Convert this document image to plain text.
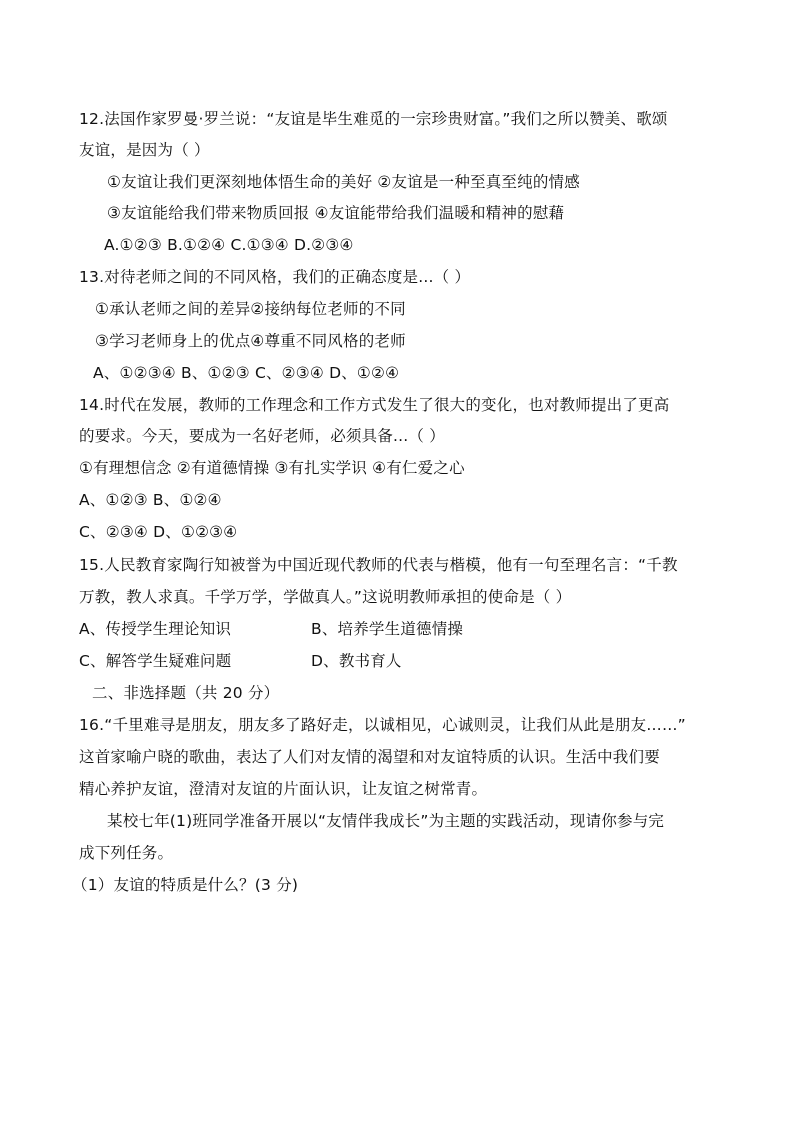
12.法国作家罗曼·罗兰说：“友谊是毕生难觅的一宗珍贵财富。”我们之所以赞美、歌颂
友谊，是因为（ ）
①友谊让我们更深刻地体悟生命的美好 ②友谊是一种至真至纯的情感
③友谊能给我们带来物质回报 ④友谊能带给我们温暖和精神的慰藉
A.①②③ B.①②④ C.①③④ D.②③④
13.对待老师之间的不同风格，我们的正确态度是...（ ）
①承认老师之间的差异②接纳每位老师的不同
③学习老师身上的优点④尊重不同风格的老师
A、①②③④ B、①②③ C、②③④ D、①②④
14.时代在发展，教师的工作理念和工作方式发生了很大的变化，也对教师提出了更高
的要求。今天，要成为一名好老师，必须具备...（ ）
①有理想信念 ②有道德情操 ③有扎实学识 ④有仁爱之心
A、①②③ B、①②④
C、②③④ D、①②③④
15.人民教育家陶行知被誉为中国近现代教师的代表与楷模，他有一句至理名言：“千教
万教，教人求真。千学万学，学做真人。”这说明教师承担的使命是（ ）
A、传授学生理论知识	B、培养学生道德情操
C、解答学生疑难问题	D、教书育人
二、非选择题（共 20 分）
16.“千里难寻是朋友，朋友多了路好走，以诚相见，心诚则灵，让我们从此是朋友……”
这首家喻户晓的歌曲，表达了人们对友情的渴望和对友谊特质的认识。生活中我们要
精心养护友谊，澄清对友谊的片面认识，让友谊之树常青。
某校七年(1)班同学准备开展以“友情伴我成长”为主题的实践活动，现请你参与完
成下列任务。
（1）友谊的特质是什么？(3 分)
